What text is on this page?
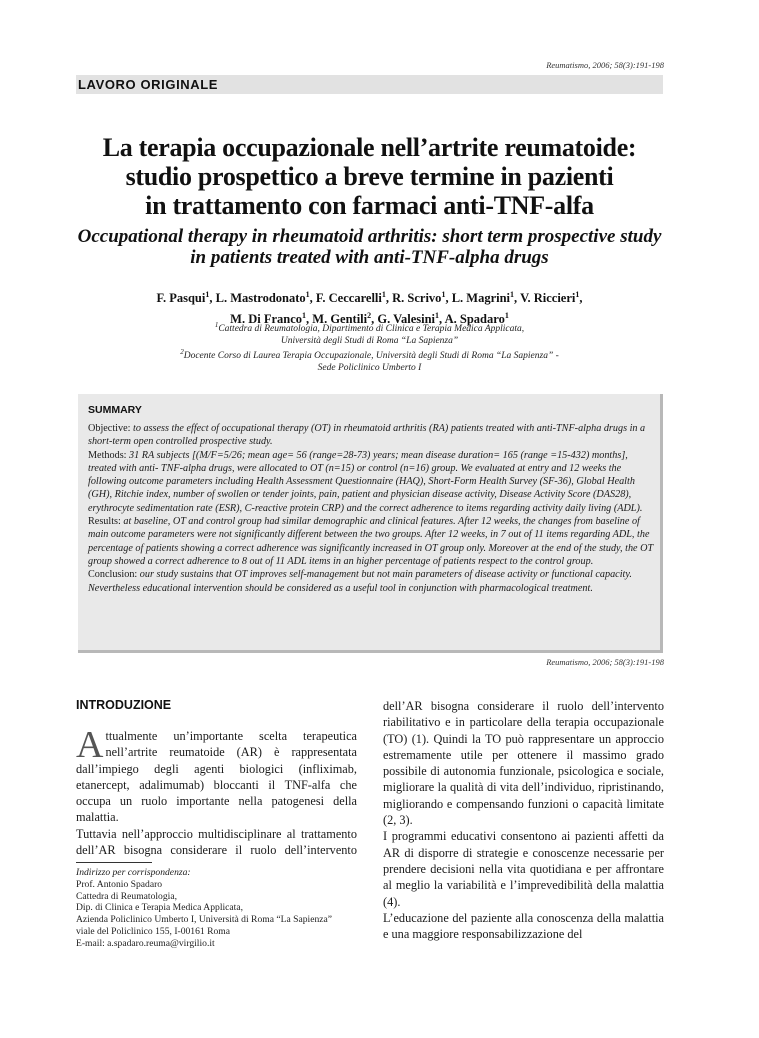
Reumatismo, 2006; 58(3):191-198
LAVORO ORIGINALE
La terapia occupazionale nell’artrite reumatoide:
studio prospettico a breve termine in pazienti
in trattamento con farmaci anti-TNF-alfa
Occupational therapy in rheumatoid arthritis: short term prospective study
in patients treated with anti-TNF-alpha drugs
F. Pasqui$^1$, L. Mastrodonato$^1$, F. Ceccarelli$^1$, R. Scrivo$^1$, L. Magrini$^1$, V. Riccieri$^1$,
M. Di Franco$^1$, M. Gentili$^2$, G. Valesini$^1$, A. Spadaro$^1$
$^1$Cattedra di Reumatologia, Dipartimento di Clinica e Terapia Medica Applicata,
Università degli Studi di Roma “La Sapienza”
$^2$Docente Corso di Laurea Terapia Occupazionale, Università degli Studi di Roma “La Sapienza” -
Sede Policlinico Umberto I
SUMMARY

Objective: to assess the effect of occupational therapy (OT) in rheumatoid arthritis (RA) patients treated with anti-TNF-alpha drugs in a short-term open controlled prospective study.

Methods: 31 RA subjects [(M/F=5/26; mean age= 56 (range=28-73) years; mean disease duration= 165 (range =15-432) months], treated with anti- TNF-alpha drugs, were allocated to OT (n=15) or control (n=16) group. We evaluated at entry and 12 weeks the following outcome parameters including Health Assessment Questionnaire (HAQ), Short-Form Health Survey (SF-36), Global Health (GH), Ritchie index, number of swollen or tender joints, pain, patient and physician disease activity, Disease Activity Score (DAS28), erythrocyte sedimentation rate (ESR), C-reactive protein CRP) and the correct adherence to items regarding activity daily living (ADL).

Results: at baseline, OT and control group had similar demographic and clinical features. After 12 weeks, the changes from baseline of main outcome parameters were not significantly different between the two groups. After 12 weeks, in 7 out of 11 items regarding ADL, the percentage of patients showing a correct adherence was significantly increased in OT group only. Moreover at the end of the study, the OT group showed a correct adherence to 8 out of 11 ADL items in an higher percentage of patients respect to the control group.

Conclusion: our study sustains that OT improves self-management but not main parameters of disease activity or functional capacity. Nevertheless educational intervention should be considered as a useful tool in conjunction with pharmacological treatment.

Reumatismo, 2006; 58(3):191-198
INTRODUZIONE

Attualmente un’importante scelta terapeutica nell’artrite reumatoide (AR) è rappresentata dall’impiego degli agenti biologici (infliximab, etanercept, adalimumab) bloccanti il TNF-alfa che occupa un ruolo importante nella patogenesi della malattia.

Tuttavia nell’approccio multidisciplinare al trattamento dell’AR bisogna considerare il ruolo dell’intervento

dell’AR bisogna considerare il ruolo dell’intervento riabilitativo e in particolare della terapia occupazionale (TO) (1). Quindi la TO può rappresentare un approccio estremamente utile per ottenere il massimo grado possibile di autonomia funzionale, psicologica e sociale, migliorare la qualità di vita dell’individuo, ripristinando, migliorando e compensando funzioni o capacità limitate (2, 3).

I programmi educativi consentono ai pazienti affetti da AR di disporre di strategie e conoscenze necessarie per prendere decisioni nella vita quotidiana e per affrontare al meglio la variabilità e l’imprevedibilità della malattia (4).

L’educazione del paziente alla conoscenza della malattia e una maggiore responsabilizzazione del

Indirizzo per corrispondenza:
Prof. Antonio Spadaro
Cattedra di Reumatologia,
Dip. di Clinica e Terapia Medica Applicata,
Azienda Policlinico Umberto I, Università di Roma “La Sapienza”
viale del Policlinico 155, I-00161 Roma
E-mail: a.spadaro.reuma@virgilio.it
